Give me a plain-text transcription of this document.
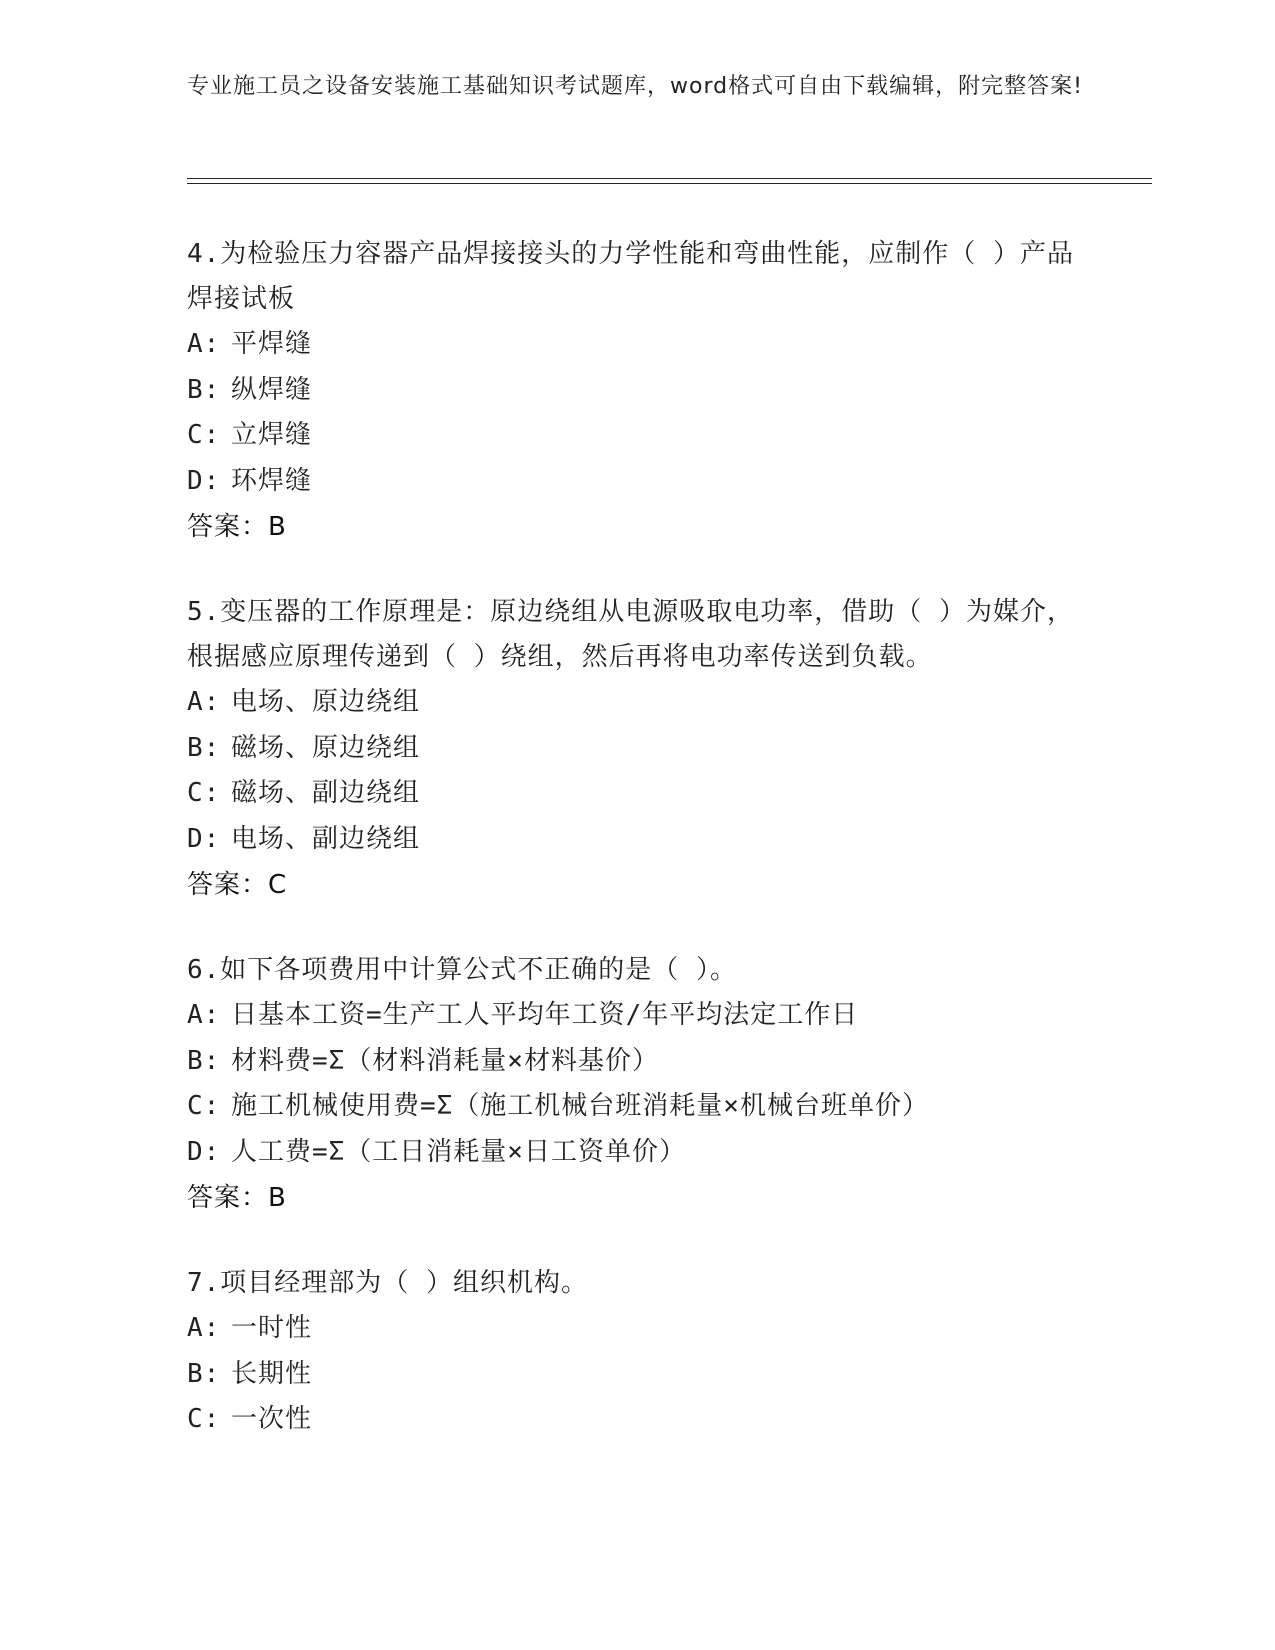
专业施工员之设备安装施工基础知识考试题库，word格式可自由下载编辑，附完整答案!
4.为检验压力容器产品焊接接头的力学性能和弯曲性能，应制作（ ）产品焊接试板
A: 平焊缝
B: 纵焊缝
C: 立焊缝
D: 环焊缝
答案：B
5.变压器的工作原理是：原边绕组从电源吸取电功率，借助（ ）为媒介，根据感应原理传递到（ ）绕组，然后再将电功率传送到负载。
A: 电场、原边绕组
B: 磁场、原边绕组
C: 磁场、副边绕组
D: 电场、副边绕组
答案：C
6.如下各项费用中计算公式不正确的是（ ）。
A: 日基本工资=生产工人平均年工资/年平均法定工作日
B: 材料费=Σ（材料消耗量×材料基价）
C: 施工机械使用费=Σ（施工机械台班消耗量×机械台班单价）
D: 人工费=Σ（工日消耗量×日工资单价）
答案：B
7.项目经理部为（ ）组织机构。
A: 一时性
B: 长期性
C: 一次性
